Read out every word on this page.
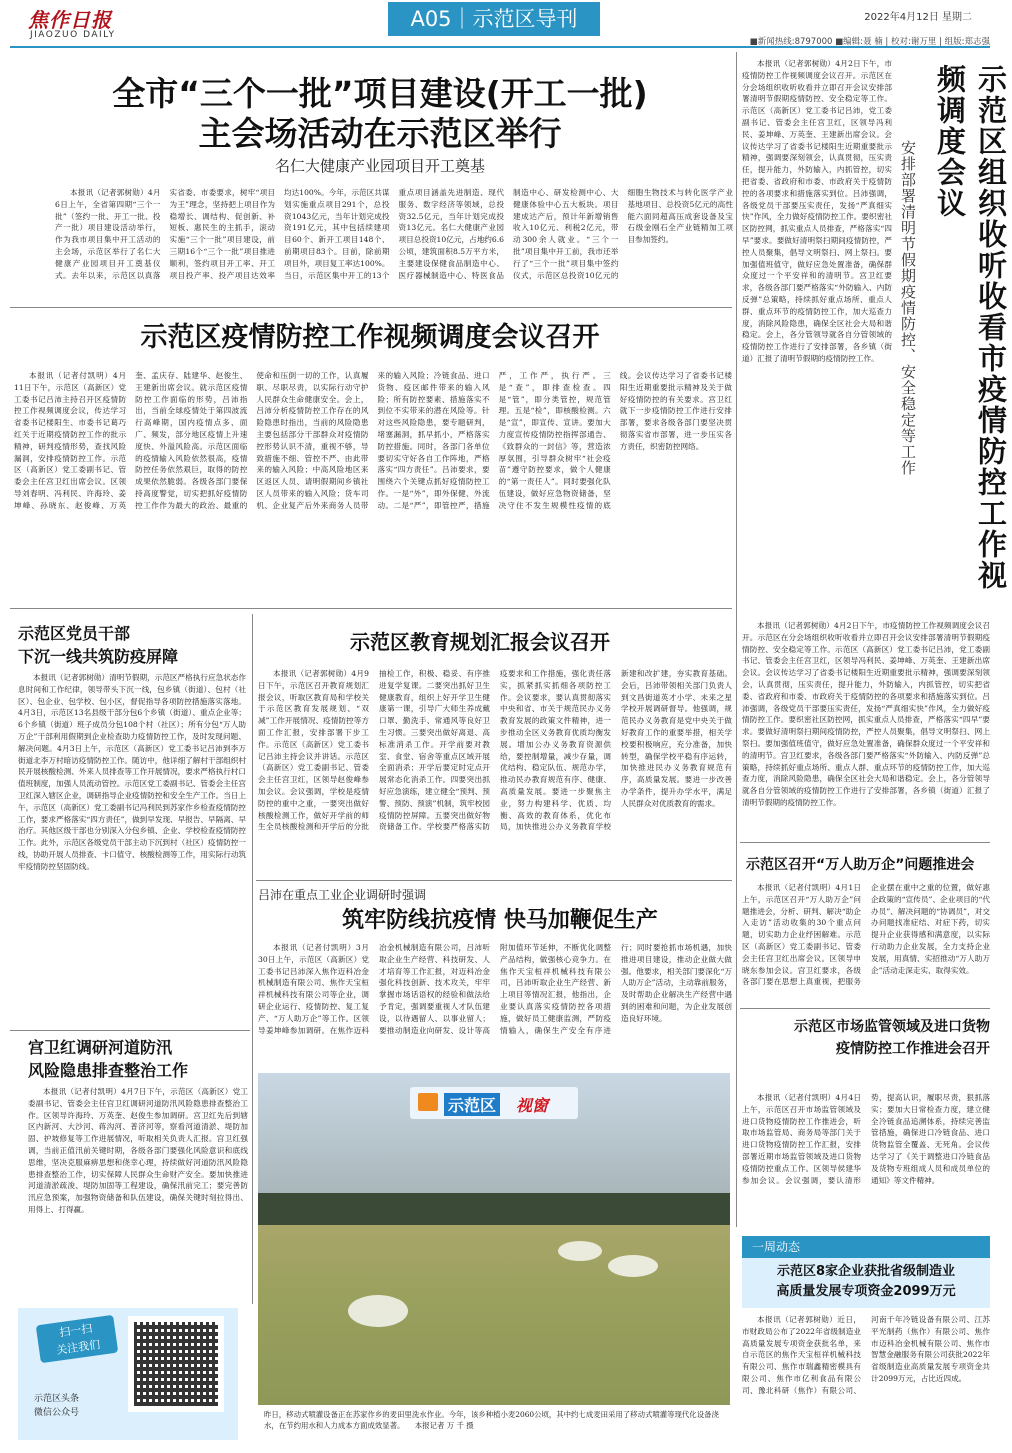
焦作日报
JIAOZUO DAILY
A05｜示范区导刊	2022年4月12日 星期二
■新闻热线:8797000 ■编辑:聂 楠 | 校对:谢万里 | 组版:郑志强
全市“三个一批”项目建设(开工一批)
主会场活动在示范区举行
名仁大健康产业园项目开工奠基

本报讯（记者郭树勋）4月6日上午，全省第四期“三个一批”（签约一批、开工一批、投产一批）项目建设活动举行，作为我市项目集中开工活动的主会场，示范区举行了名仁大健康产业园项目开工奠基仪式。去年以来，示范区以真落实省委、市委要求，树牢“项目为王”理念，坚持把上项目作为稳增长、调结构、促创新、补短板、惠民生的主抓手，滚动实施“三个一批”项目建设，前三期16个“三个一批”项目推进顺利，签约项目开工率、开工项目投产率、投产项目达效率均达100%。今年，示范区共谋划实施重点项目291个，总投资1043亿元，当年计划完成投资191亿元，其中包括续建项目60个、新开工项目148个、前期项目83个。目前，除前期项目外，项目复工率达100%。当日，示范区集中开工的13个重点项目涵盖先进制造、现代服务、数字经济等领域，总投资32.5亿元，当年计划完成投资13亿元。名仁大健康产业园项目总投资10亿元，占地约6.6公顷，建筑面积8.5万平方米，主要建设保健食品制造中心、医疗器械制造中心、特医食品制造中心、研发检测中心、大健康体验中心五大板块。项目建成达产后，预计年新增销售收入10亿元、利税2亿元，带动300余人就业。“三个一批”项目集中开工前，我市还举行了“三个一批”项目集中签约仪式，示范区总投资10亿元的细胞生物技术与转化医学产业基地项目、总投资5亿元的高性能六面同超高压成套设备及宝石级金刚石全产业链精加工项目参加签约。

示范区疫情防控工作视频调度会议召开

本报讯（记者付凯明）4月11日下午，示范区（高新区）党工委书记吕沛主持召开区疫情防控工作视频调度会议，传达学习省委书记楼阳生、市委书记葛巧红关于近期疫情防控工作的批示精神，研判疫情形势，查找风险漏洞，安排疫情防控工作。示范区（高新区）党工委副书记、管委会主任宫卫红出席会议。区领导刘春明、冯利民、许海玲、姜坤峰、孙晓东、赵俊峰、万英奎、孟庆存、陆建华、赵俊生、王建新出席会议。就示范区疫情防控工作面临的形势，吕沛指出，当前全球疫情处于第四波流行高峰期，国内疫情点多、面广、频发，部分地区疫情上升速度快、外溢风险高。示范区面临的疫情输入风险依然很高，疫情防控任务依然艰巨，取得的防控成果依然脆弱。各级各部门要保持高度警觉，切实把抓好疫情防控工作作为最大的政治、最重的使命和压倒一切的工作，认真履职、尽职尽责，以实际行动守护人民群众生命健康安全。会上，吕沛分析疫情防控工作存在的风险隐患时指出，当前的风险隐患主要包括部分干部群众对疫情防控形势认识不清，重视不够，导致措施不细、管控不严、由此带来的输入风险；中高风险地区来区返区人员、请明假期间乡镇社区人员带来的输入风险；货车司机、企业复产后外来商务人员带来的输入风险；冷链食品、进口货物、疫区邮件带来的输入风险；所有防控要素、措施落实不到位不实带来的潜在风险等。针对这些风险隐患，要专题研判，堵塞漏洞，抓早抓小，严格落实防控措施。同时，各部门各单位要切实守好各自工作阵地，严格落实“四方责任”。吕沛要求，要围绕六个关键点抓好疫情防控工作。一是“外”，即外保健、外流动。二是“严”，即管控严，措施严，工作严，执行严。三是“查”，即排查检查。四是“管”，即分类管控，规范管理。五是“检”，即核酸检测。六是“宣”，即宣传、宣讲。要加大力度宣传疫情防控指挥部通告、《致群众的一封信》等，营造浓厚氛围，引导群众树牢“社会疫苗”遵守防控要求，做个人健康的“第一责任人”。同时要强化队伍建设，做好应急物资储备，坚决守住不发生规模性疫情的底线。会议传达学习了省委书记楼阳生近期重要批示精神及关于做好疫情防控的有关要求。宫卫红就下一步疫情防控工作进行安排部署，要求各级各部门要坚决贯彻落实省市部署，进一步压实各方责任，织密防控网络。	示范区组织收听收看市疫情防控工作视频调度会议
安排部署清明节假期疫情防控、安全稳定等工作

本报讯（记者郭树勋）4月2日下午，市疫情防控工作视频调度会议召开。示范区在分会场组织收听收看并立即召开会议安排部署清明节假期疫情防控、安全稳定等工作。示范区（高新区）党工委书记吕沛，党工委副书记、管委会主任宫卫红，区领导冯利民、姜坤峰、万英奎、王建新出席会议。会议传达学习了省委书记楼阳生近期重要批示精神，强调要深刻领会，认真贯彻，压实责任，提升能力，外防输入，内抓管控，切实把省委、省政府和市委、市政府关于疫情防控的各项要求和措施落实到位。吕沛强调，各级党员干部要压实责任，发扬“严真细实快”作风，全力做好疫情防控工作。要织密社区防控网，抓实重点人员排查，严格落实“四早”要求。要做好清明祭扫期间疫情防控，严控人员聚集，倡导文明祭扫、网上祭扫。要加强值班值守，做好应急处置准备，确保群众度过一个平安祥和的清明节。宫卫红要求，各级各部门要严格落实“外防输入、内防反弹”总策略，持续抓好重点场所、重点人群、重点环节的疫情防控工作，加大巡查力度，消除风险隐患，确保全区社会大局和谐稳定。会上，各分管领导就各自分管领域的疫情防控工作进行了安排部署，各乡镇（街道）汇报了清明节假期的疫情防控工作。

本报讯（记者郭树勋）4月2日下午，市疫情防控工作视频调度会议召开。示范区在分会场组织收听收看并立即召开会议安排部署清明节假期疫情防控、安全稳定等工作。示范区（高新区）党工委书记吕沛，党工委副书记、管委会主任宫卫红，区领导冯利民、姜坤峰、万英奎、王建新出席会议。会议传达学习了省委书记楼阳生近期重要批示精神，强调要深刻领会，认真贯彻，压实责任，提升能力，外防输入，内抓管控，切实把省委、省政府和市委、市政府关于疫情防控的各项要求和措施落实到位。吕沛强调，各级党员干部要压实责任，发扬“严真细实快”作风，全力做好疫情防控工作。要织密社区防控网，抓实重点人员排查，严格落实“四早”要求。要做好清明祭扫期间疫情防控，严控人员聚集，倡导文明祭扫、网上祭扫。要加强值班值守，做好应急处置准备，确保群众度过一个平安祥和的清明节。宫卫红要求，各级各部门要严格落实“外防输入、内防反弹”总策略，持续抓好重点场所、重点人群、重点环节的疫情防控工作，加大巡查力度，消除风险隐患，确保全区社会大局和谐稳定。会上，各分管领导就各自分管领域的疫情防控工作进行了安排部署，各乡镇（街道）汇报了清明节假期的疫情防控工作。

示范区党员干部
下沉一线共筑防疫屏障

本报讯（记者郭树勋）清明节假期，示范区严格执行应急状态作息时间和工作纪律，领导带头下沉一线，包乡镇（街道）、包村（社区）、包企业、包学校、包小区，督促指导各项防控措施落实落地。4月3日，示范区13名县级干部分包6个乡镇（街道）、重点企业等；6个乡镇（街道）班子成员分包108个村（社区）；所有分包“万人助万企”干部利用假期到企业检查助力疫情防控工作，及时发现问题、解决问题。4月3日上午，示范区（高新区）党工委书记吕沛到李万街道北李万村暗访疫情防控工作。随访中，他详细了解村干部组织村民开展核酸检测、外来人员排查等工作开展情况，要求严格执行村口值班制度，加强人员流动管控。示范区党工委副书记、管委会主任宫卫红深入辖区企业，调研指导企业疫情防控和安全生产工作。当日上午，示范区（高新区）党工委副书记冯利民到苏家作乡检查疫情防控工作，要求严格落实“四方责任”，做到早发现、早报告、早隔离、早治疗。其他区级干部也分别深入分包乡镇、企业、学校检查疫情防控工作。此外，示范区各级党员干部主动下沉到村（社区）疫情防控一线，协助开展人员排查、卡口值守、核酸检测等工作，用实际行动筑牢疫情防控坚固防线。

宫卫红调研河道防汛
风险隐患排查整治工作

本报讯（记者付凯明）4月7日下午，示范区（高新区）党工委副书记、管委会主任宫卫红调研河道防汛风险隐患排查整治工作。区领导许海玲、万英奎、赵俊生参加调研。宫卫红先后到辖区内新河、大沙河、蒋沟河、普济河等，察看河道清淤、堤防加固、护坡修复等工作进展情况，听取相关负责人汇报。宫卫红强调，当前正值汛前关键时期，各级各部门要强化风险意识和底线思维，坚决克服麻痹思想和侥幸心理，持续做好河道防汛风险隐患排查整治工作，切实保障人民群众生命财产安全。要加快推进河道清淤疏浚、堤防加固等工程建设，确保汛前完工；要完善防汛应急预案，加强物资储备和队伍建设，确保关键时刻拉得出、用得上、打得赢。

示范区教育规划汇报会议召开

本报讯（记者郭树勋）4月9日下午，示范区召开教育规划汇报会议，听取区教育局和学校关于示范区教育发展规划、“双减”工作开展情况、疫情防控等方面工作汇报，安排部署下步工作。示范区（高新区）党工委书记吕沛主持会议并讲话。示范区（高新区）党工委副书记、管委会主任宫卫红，区领导赵俊峰参加会议。会议强调，学校是疫情防控的重中之重，一要突出做好核酸检测工作，做好开学前的师生全员核酸检测和开学后的分批抽检工作，积极、稳妥、有序推进复学复课。二要突出抓好卫生健康教育，组织上好开学卫生健康第一课，引导广大师生养成戴口罩、勤洗手、常通风等良好卫生习惯。三要突出做好离退、高标准消杀工作。开学前要对教室、食堂、宿舍等重点区域开展全面消杀；开学后要定时定点开展常态化消杀工作。四要突出抓好应急演练，建立健全“预判、预警、预防、预演”机制，筑牢校园疫情防控屏障。五要突出做好物资储备工作。学校要严格落实防疫要求和工作措施，强化责任落实，抓紧抓实抓细各项防控工作。会议要求，要认真贯彻落实中央和省、市关于规范民办义务教育发展的政策文件精神，进一步推动全区义务教育优质均衡发展。增加公办义务教育资源供给，要控制增量，减少存量，调优结构、稳定队伍、规范办学，推动民办教育规范有序、健康、高质量发展。要进一步聚焦主业，努力构建科学、优质、均衡、高效的教育体系，优化布局，加快推进公办义务教育学校新建和改扩建，夯实教育基础。会后，吕沛带领相关部门负责人到文昌街道英才小学、未来之星学校开展调研督导。他强调，规范民办义务教育是党中央关于做好教育工作的重要举措，相关学校要积极响应，充分准备，加快转型，确保学校平稳有序运转，加快推进民办义务教育规范有序，高质量发展。要进一步改善办学条件，提升办学水平，满足人民群众对优质教育的需求。

吕沛在重点工业企业调研时强调
筑牢防线抗疫情 快马加鞭促生产

本报讯（记者付凯明）3月30日上午，示范区（高新区）党工委书记吕沛深入焦作迈科冶金机械制造有限公司、焦作天宝桓祥机械科技有限公司等企业，调研企业运行、疫情防控、复工复产、“万人助万企”等工作。区领导姜坤峰参加调研。在焦作迈科冶金机械制造有限公司，吕沛听取企业生产经营、科技研发、人才培育等工作汇报，对迈科冶金强化科技创新、技术攻关，牢牢掌握市场话语权的经验和做法给予肯定，强调要重视人才队伍建设，以待遇留人、以事业留人；要推动制造业向研发、设计等高附加值环节延伸，不断优化调整产品结构，做强核心竞争力。在焦作天宝桓祥机械科技有限公司，吕沛听取企业生产经营、新上项目等情况汇报，他指出，企业要认真落实疫情防控各项措施，做好员工健康监测，严防疫情输入，确保生产安全有序进行；同时要抢抓市场机遇，加快推进项目建设，推动企业做大做强。他要求，相关部门要深化“万人助万企”活动，主动靠前服务，及时帮助企业解决生产经营中遇到的困难和问题，为企业发展创造良好环境。

示范区 视窗
昨日，移动式喷灌设备正在苏家作乡的麦田里洗水作业。今年，该乡种植小麦2060公顷，其中约七成麦田采用了移动式喷灌等现代化设备浇水，在节约用水和人力成本方面成效显著。 本报记者 万 千 摄
示范区召开“万人助万企”问题推进会

本报讯（记者付凯明）4月1日上午，示范区召开“万人助万企”问题推进会，分析、研判、解决“助企入走访”活动收集的30个重点问题，切实助力企业纾困解难。示范区（高新区）党工委副书记、管委会主任宫卫红出席会议。区领导申晓东参加会议。宫卫红要求，各级各部门要在思想上真重视，把服务企业摆在重中之重的位置，做好惠企政策的“宣传员”、企业项目的“代办员”、解决问题的“协调员”，对交办问题找准症结、对症下药，切实提升企业获得感和满意度，以实际行动助力企业发展，全力支持企业发展，用真情、实招推动“万人助万企”活动走深走实、取得实效。

示范区市场监管领域及进口货物
疫情防控工作推进会召开

本报讯（记者付凯明）4月4日上午，示范区召开市场监管领域及进口货物疫情防控工作推进会，听取市场监管局、商务局等部门关于进口货物疫情防控工作汇报，安排部署近期市场监管领域及进口货物疫情防控重点工作。区领导侯建华参加会议。会议强调，要认清形势，提高认识，履职尽责，狠抓落实；要加大日常检查力度，建立健全冷链食品追溯体系，持续完善监管措施，确保进口冷链食品、进口货物监管全覆盖、无死角。会议传达学习了《关于调整进口冷链食品及货物专班组成人员和成员单位的通知》等文件精神。

一周动态
示范区8家企业获批省级制造业
高质量发展专项资金2099万元

本报讯（记者郭树勋）近日，市财政局公布了2022年省级制造业高质量发展专项资金获批名单，来自示范区的焦作天宝桓祥机械科技有限公司、焦作市瑞鑫精密模具有限公司、焦作市亿利食品有限公司、豫北科研（焦作）有限公司、河南千年冷链设备有限公司、江苏平光制药（焦作）有限公司、焦作市迈科冶金机械有限公司、焦作市智慧金融服务有限公司获批2022年省级制造业高质量发展专项资金共计2099万元，占比近四成。

扫一扫
关注我们
示范区头条
微信公众号
